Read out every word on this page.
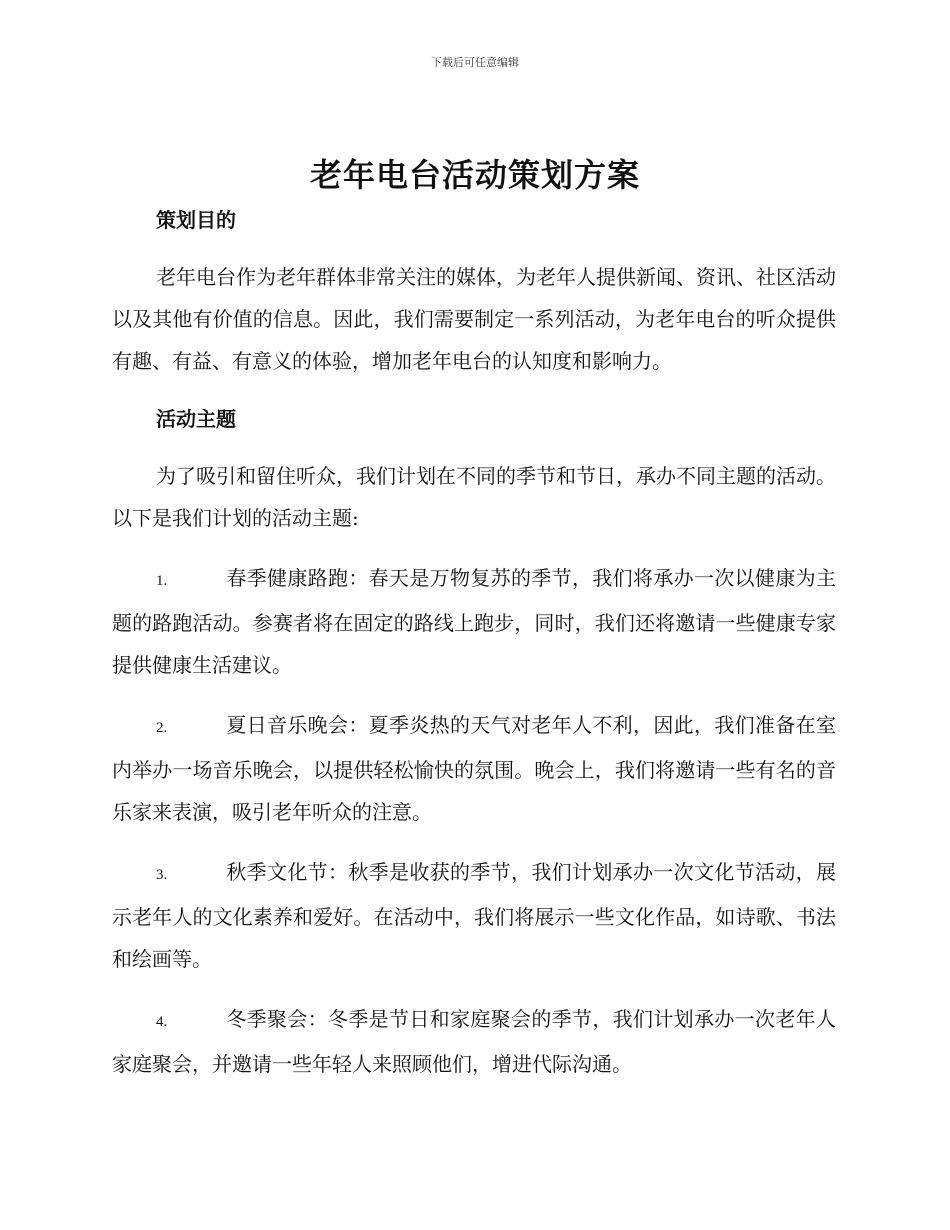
下载后可任意编辑
老年电台活动策划方案
策划目的

老年电台作为老年群体非常关注的媒体，为老年人提供新闻、资讯、社区活动以及其他有价值的信息。因此，我们需要制定一系列活动，为老年电台的听众提供有趣、有益、有意义的体验，增加老年电台的认知度和影响力。

活动主题

为了吸引和留住听众，我们计划在不同的季节和节日，承办不同主题的活动。以下是我们计划的活动主题:

1.	春季健康路跑：春天是万物复苏的季节，我们将承办一次以健康为主题的路跑活动。参赛者将在固定的路线上跑步，同时，我们还将邀请一些健康专家提供健康生活建议。

2.	夏日音乐晚会：夏季炎热的天气对老年人不利，因此，我们准备在室内举办一场音乐晚会，以提供轻松愉快的氛围。晚会上，我们将邀请一些有名的音乐家来表演，吸引老年听众的注意。

3.	秋季文化节：秋季是收获的季节，我们计划承办一次文化节活动，展示老年人的文化素养和爱好。在活动中，我们将展示一些文化作品，如诗歌、书法和绘画等。

4.	冬季聚会：冬季是节日和家庭聚会的季节，我们计划承办一次老年人家庭聚会，并邀请一些年轻人来照顾他们，增进代际沟通。
